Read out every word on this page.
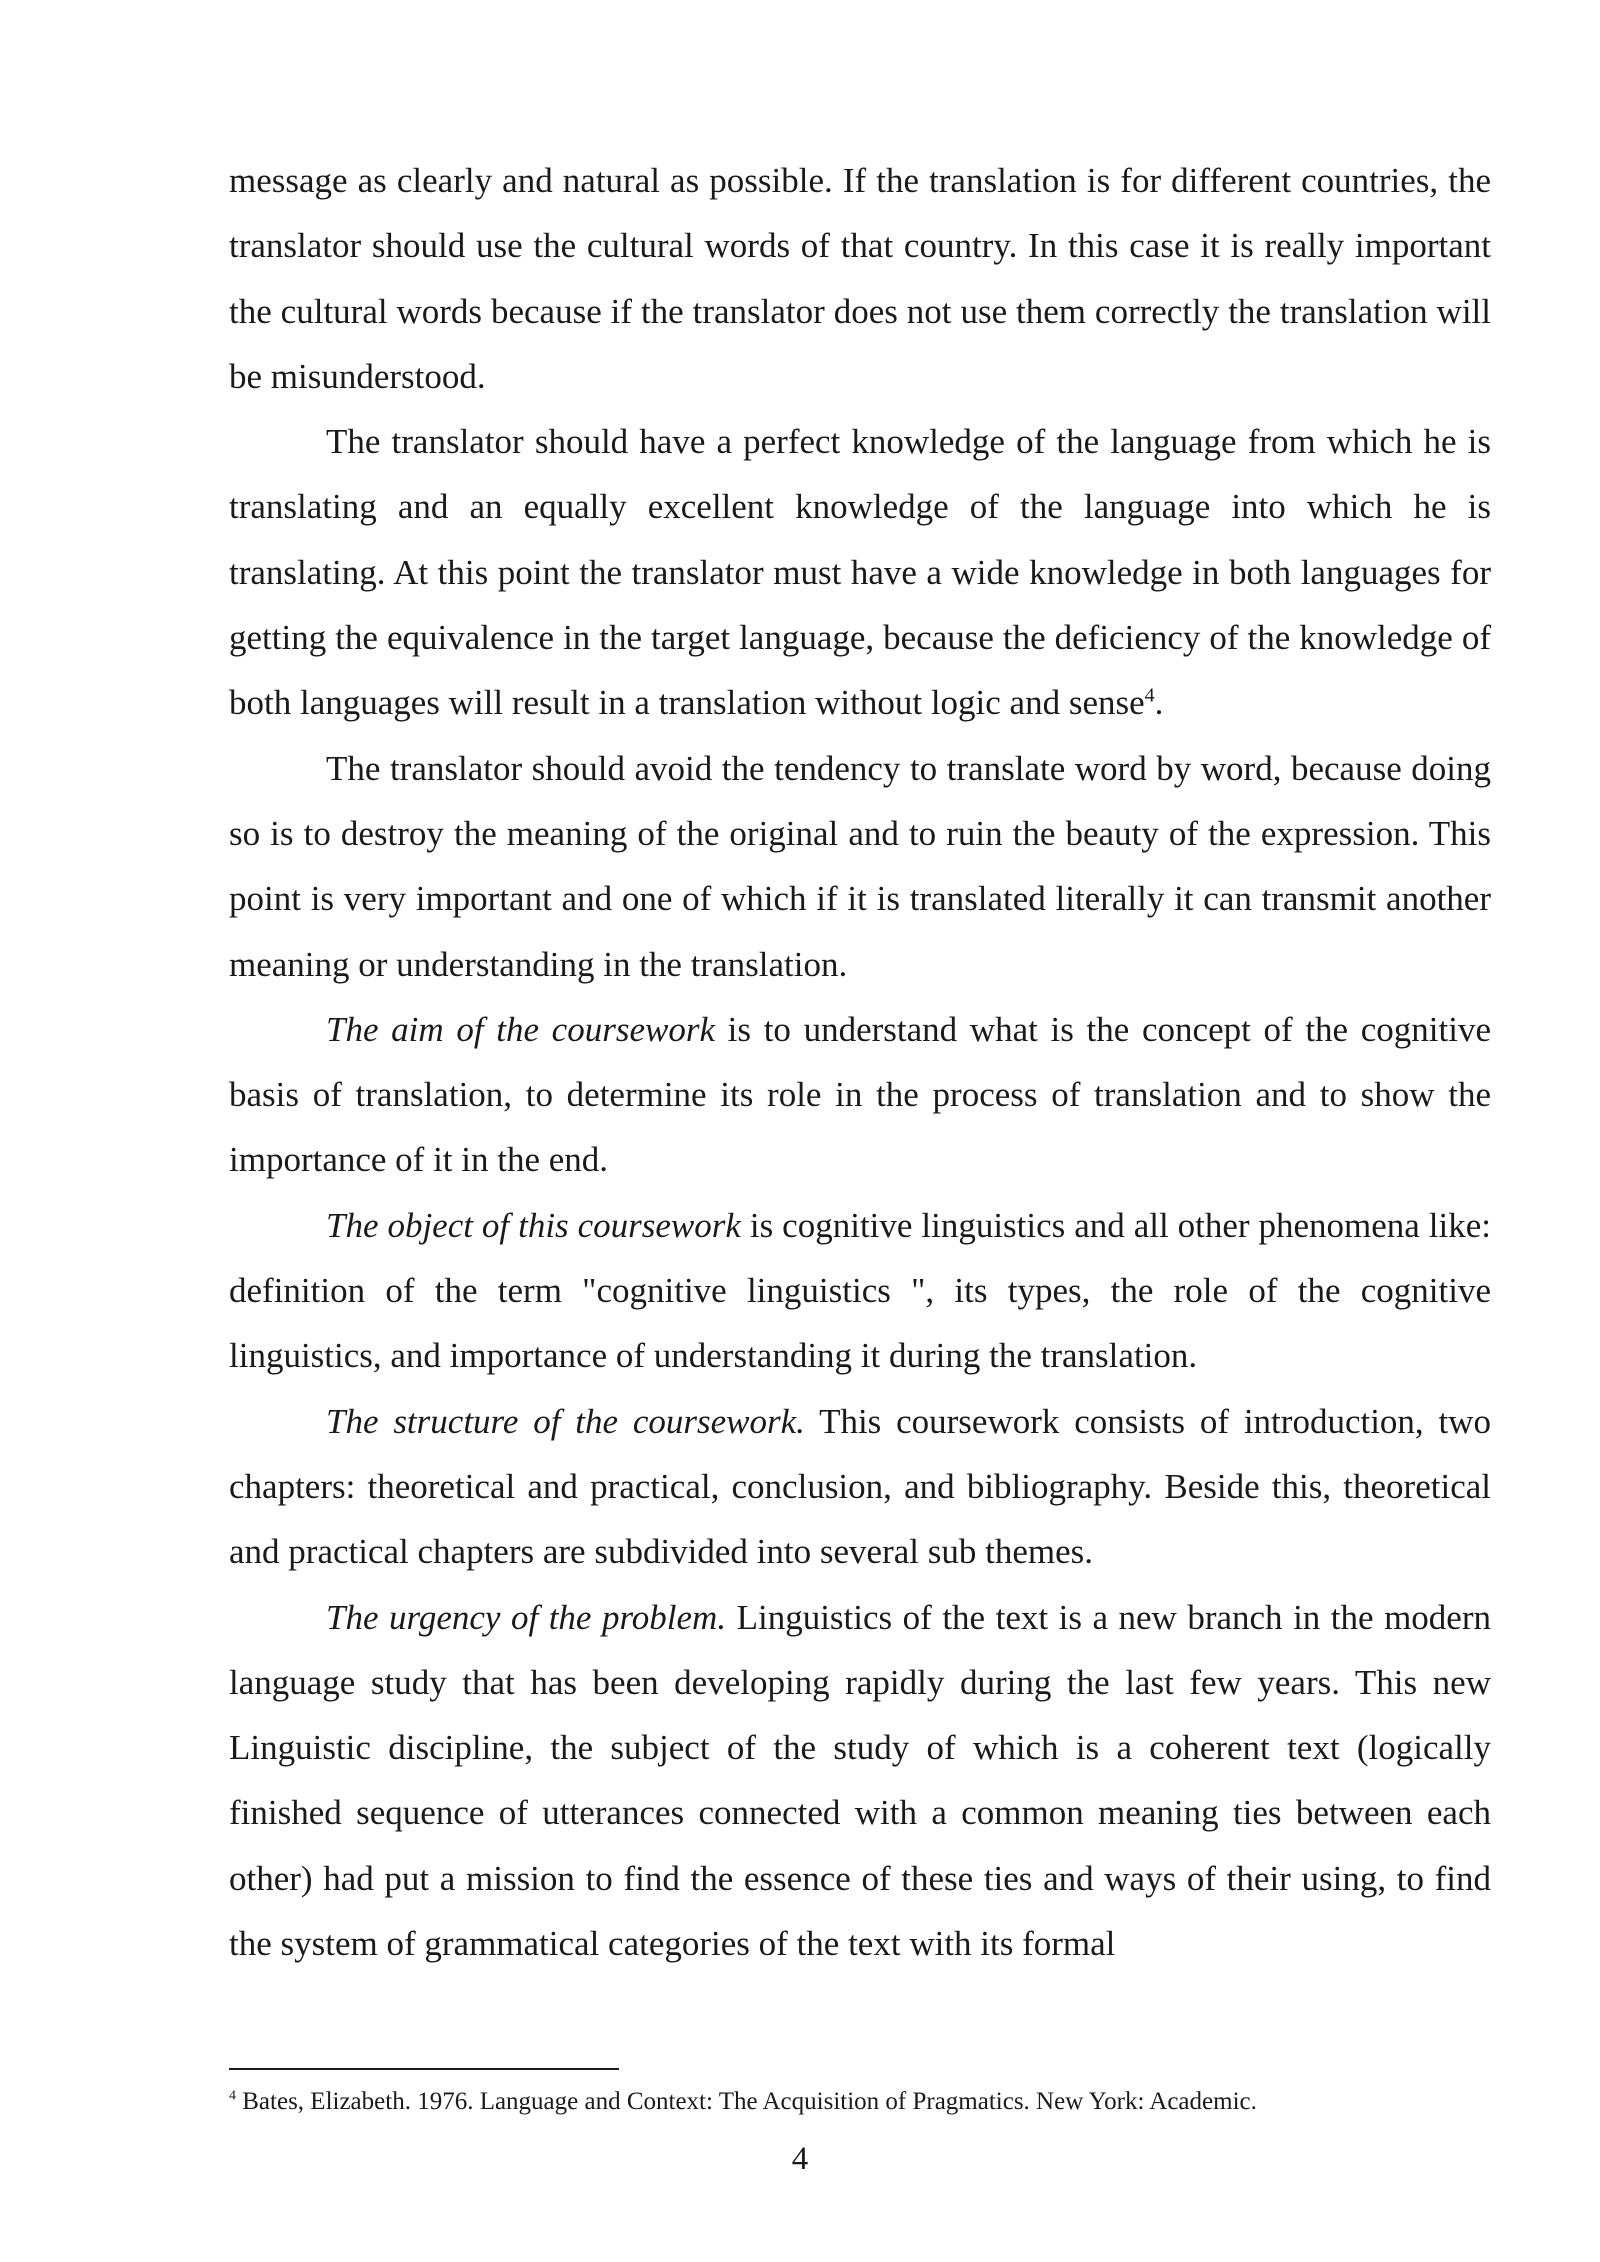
message as clearly and natural as possible. If the translation is for different countries, the translator should use the cultural words of that country. In this case it is really important the cultural words because if the translator does not use them correctly the translation will be misunderstood.

The translator should have a perfect knowledge of the language from which he is translating and an equally excellent knowledge of the language into which he is translating. At this point the translator must have a wide knowledge in both languages for getting the equivalence in the target language, because the deficiency of the knowledge of both languages will result in a translation without logic and sense$^4$.

The translator should avoid the tendency to translate word by word, because doing so is to destroy the meaning of the original and to ruin the beauty of the expression. This point is very important and one of which if it is translated literally it can transmit another meaning or understanding in the translation.

The aim of the coursework is to understand what is the concept of the cognitive basis of translation, to determine its role in the process of translation and to show the importance of it in the end.

The object of this coursework is cognitive linguistics and all other phenomena like: definition of the term "cognitive linguistics ", its types, the role of the cognitive linguistics, and importance of understanding it during the translation.

The structure of the coursework. This coursework consists of introduction, two chapters: theoretical and practical, conclusion, and bibliography. Beside this, theoretical and practical chapters are subdivided into several sub themes.

The urgency of the problem. Linguistics of the text is a new branch in the modern language study that has been developing rapidly during the last few years. This new Linguistic discipline, the subject of the study of which is a coherent text (logically finished sequence of utterances connected with a common meaning ties between each other) had put a mission to find the essence of these ties and ways of their using, to find the system of grammatical categories of the text with its formal

$^4$ Bates, Elizabeth. 1976. Language and Context: The Acquisition of Pragmatics. New York: Academic.

4
